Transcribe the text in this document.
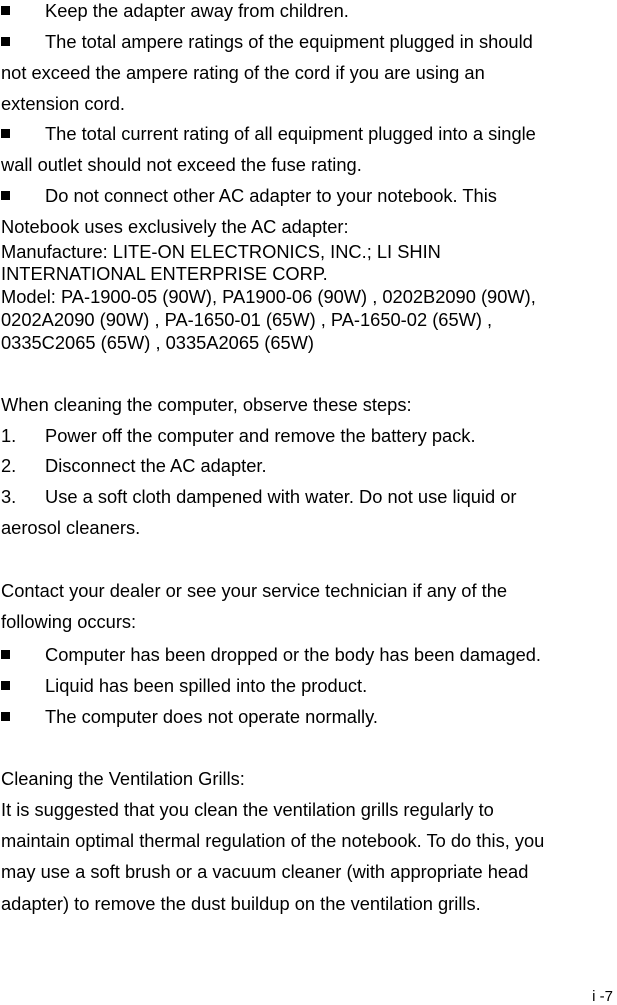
Keep the adapter away from children.
The total ampere ratings of the equipment plugged in should
not exceed the ampere rating of the cord if you are using an
extension cord.
The total current rating of all equipment plugged into a single
wall outlet should not exceed the fuse rating.
Do not connect other AC adapter to your notebook. This
Notebook uses exclusively the AC adapter:
Manufacture: LITE-ON ELECTRONICS, INC.; LI SHIN
INTERNATIONAL ENTERPRISE CORP.
Model: PA-1900-05 (90W), PA1900-06 (90W) , 0202B2090 (90W),
0202A2090 (90W) , PA-1650-01 (65W) , PA-1650-02 (65W) ,
0335C2065 (65W) , 0335A2065 (65W)
When cleaning the computer, observe these steps:
1. Power off the computer and remove the battery pack.
2. Disconnect the AC adapter.
3. Use a soft cloth dampened with water. Do not use liquid or
aerosol cleaners.
Contact your dealer or see your service technician if any of the
following occurs:
Computer has been dropped or the body has been damaged.
Liquid has been spilled into the product.
The computer does not operate normally.
Cleaning the Ventilation Grills:
It is suggested that you clean the ventilation grills regularly to
maintain optimal thermal regulation of the notebook. To do this, you
may use a soft brush or a vacuum cleaner (with appropriate head
adapter) to remove the dust buildup on the ventilation grills.
i -7
